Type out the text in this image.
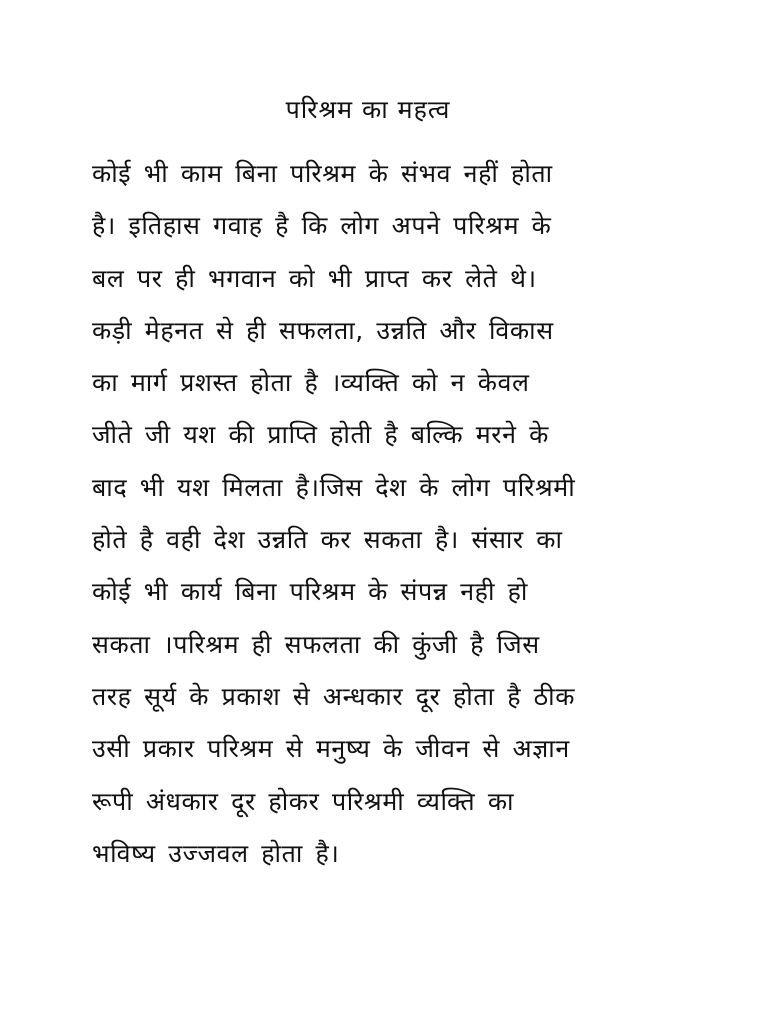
परिश्रम का महत्व
कोई भी काम बिना परिश्रम के संभव नहीं होता
है। इतिहास गवाह है कि लोग अपने परिश्रम के
बल पर ही भगवान को भी प्राप्त कर लेते थे।
कड़ी मेहनत से ही सफलता, उन्नति और विकास
का मार्ग प्रशस्त होता है ।व्यक्ति को न केवल
जीते जी यश की प्राप्ति होती है बल्कि मरने के
बाद भी यश मिलता है।जिस देश के लोग परिश्रमी
होते है वही देश उन्नति कर सकता है। संसार का
कोई भी कार्य बिना परिश्रम के संपन्न नही हो
सकता ।परिश्रम ही सफलता की कुंजी है जिस
तरह सूर्य के प्रकाश से अन्धकार दूर होता है ठीक
उसी प्रकार परिश्रम से मनुष्य के जीवन से अज्ञान
रूपी अंधकार दूर होकर परिश्रमी व्यक्ति का
भविष्य उज्जवल होता है।
